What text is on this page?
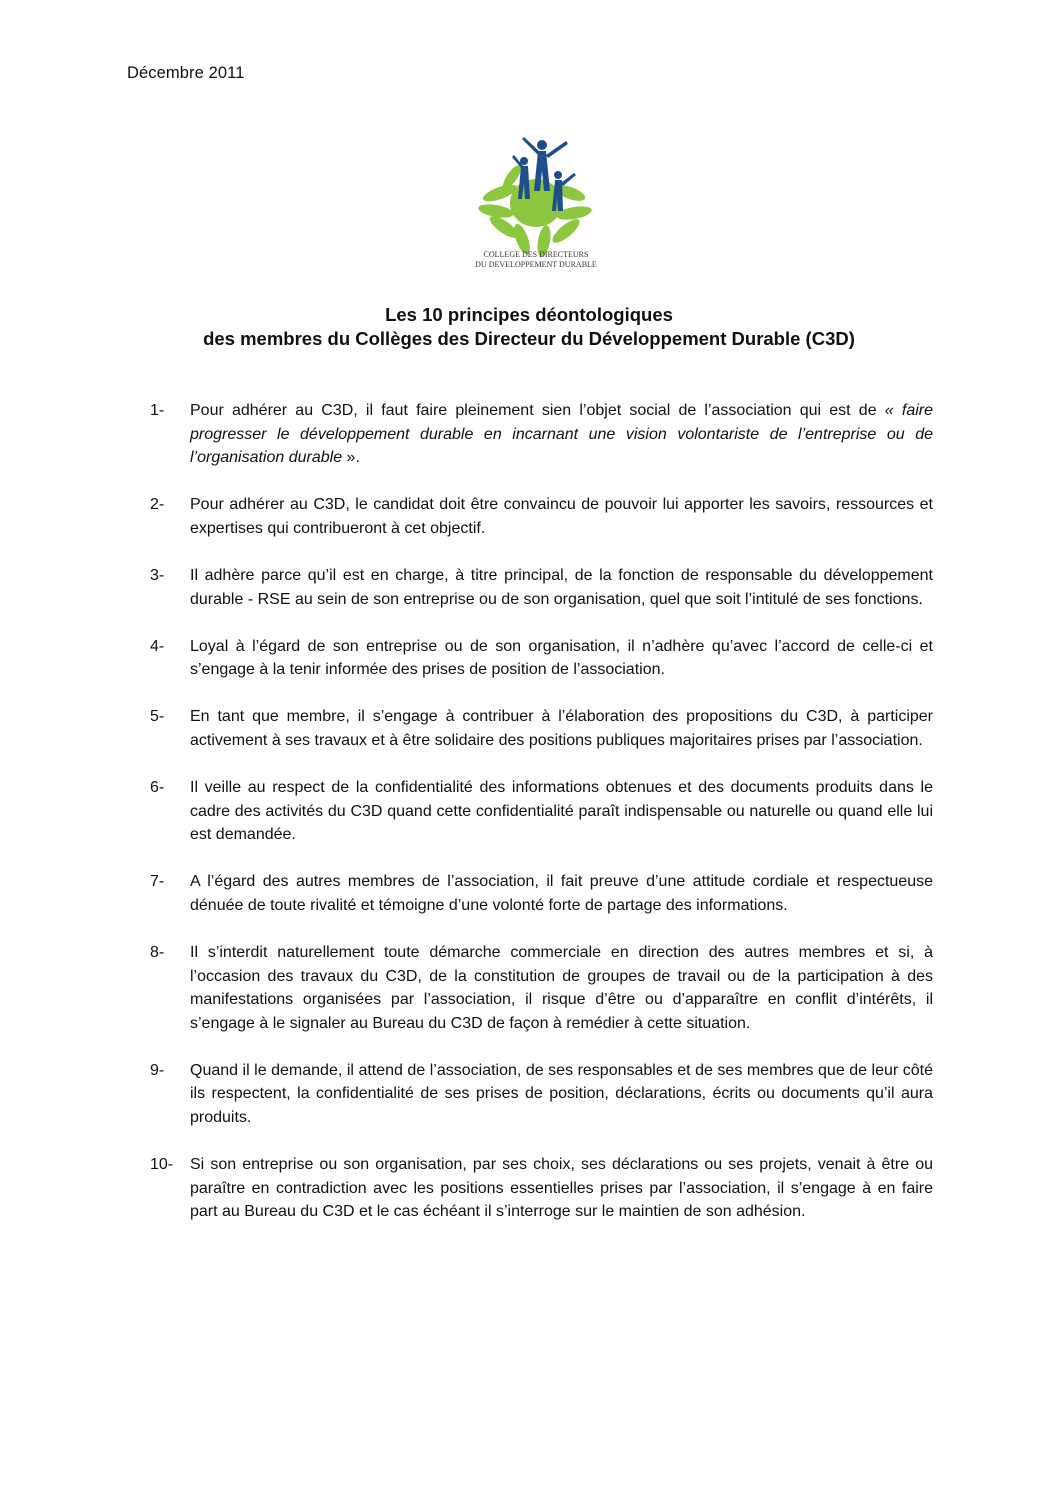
Décembre 2011
COLLEGE DES DIRECTEURS
DU DEVELOPPEMENT DURABLE
Les 10 principes déontologiques
des membres du Collèges des Directeur du Développement Durable (C3D)
1-	Pour adhérer au C3D, il faut faire pleinement sien l’objet social de l’association qui est de « faire progresser le développement durable en incarnant une vision volontariste de l’entreprise ou de l’organisation durable ».
2-	Pour adhérer au C3D, le candidat doit être convaincu de pouvoir lui apporter les savoirs, ressources et expertises qui contribueront à cet objectif.
3-	Il adhère parce qu’il est en charge, à titre principal, de la fonction de responsable du développement durable - RSE au sein de son entreprise ou de son organisation, quel que soit l’intitulé de ses fonctions.
4-	Loyal à l’égard de son entreprise ou de son organisation, il n’adhère qu’avec l’accord de celle-ci et s’engage à la tenir informée des prises de position de l’association.
5-	En tant que membre, il s’engage à contribuer à l’élaboration des propositions du C3D, à participer activement à ses travaux et à être solidaire des positions publiques majoritaires prises par l’association.
6-	Il veille au respect de la confidentialité des informations obtenues et des documents produits dans le cadre des activités du C3D quand cette confidentialité paraît indispensable ou naturelle ou quand elle lui est demandée.
7-	A l’égard des autres membres de l’association, il fait preuve d’une attitude cordiale et respectueuse dénuée de toute rivalité et témoigne d’une volonté forte de partage des informations.
8-	Il s’interdit naturellement toute démarche commerciale en direction des autres membres et si, à l’occasion des travaux du C3D, de la constitution de groupes de travail ou de la participation à des manifestations organisées par l’association, il risque d’être ou d’apparaître en conflit d’intérêts, il s’engage à le signaler au Bureau du C3D de façon à remédier à cette situation.
9-	Quand il le demande, il attend de l’association, de ses responsables et de ses membres que de leur côté ils respectent, la confidentialité de ses prises de position, déclarations, écrits ou documents qu’il aura produits.
10-	Si son entreprise ou son organisation, par ses choix, ses déclarations ou ses projets, venait à être ou paraître en contradiction avec les positions essentielles prises par l’association, il s’engage à en faire part au Bureau du C3D et le cas échéant il s’interroge sur le maintien de son adhésion.
